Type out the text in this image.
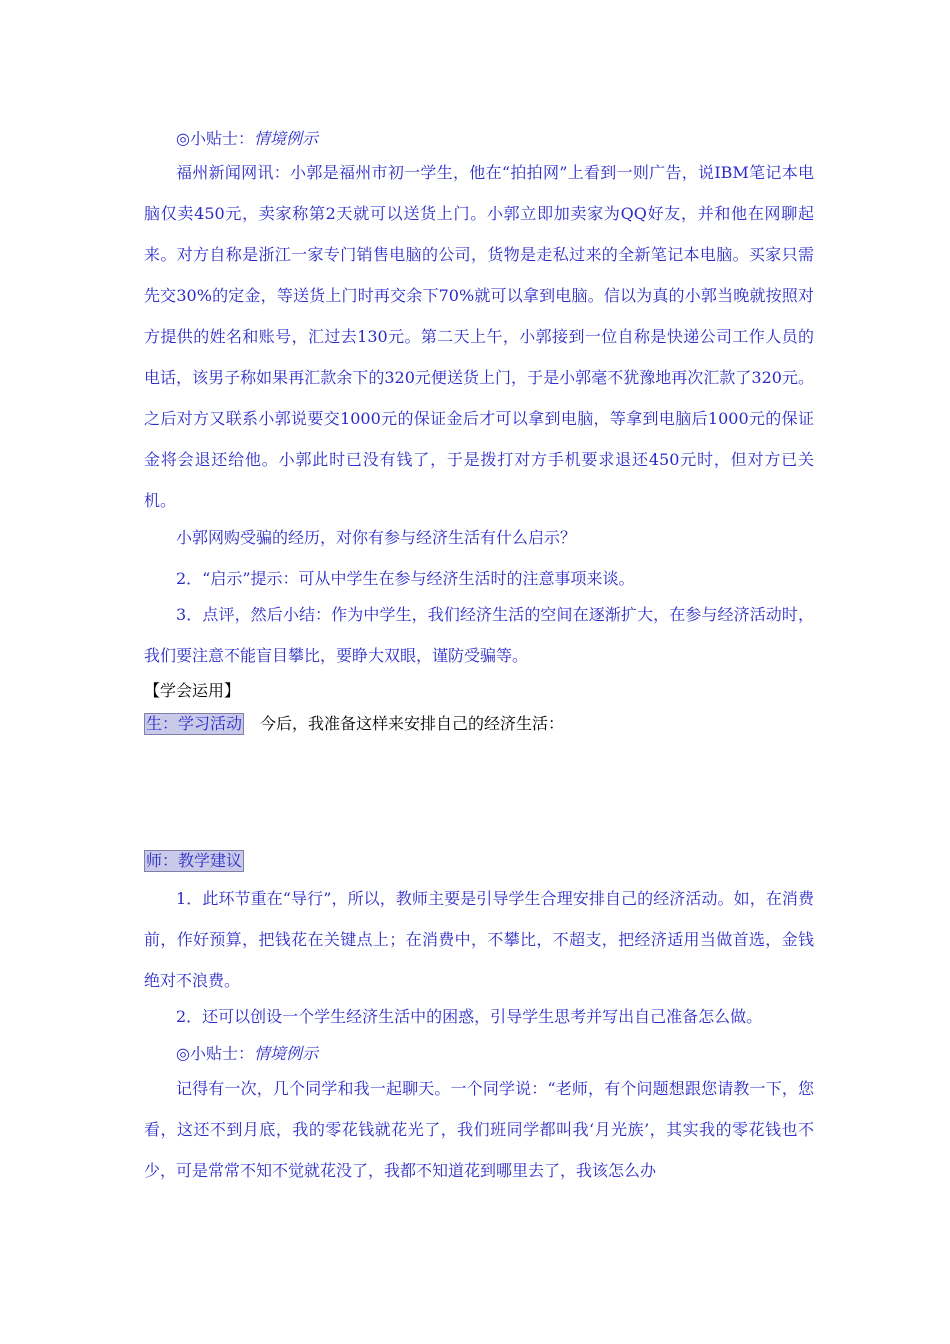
◎小贴士：情境例示
福州新闻网讯：小郭是福州市初一学生，他在“拍拍网”上看到一则广告，说IBM笔记本电脑仅卖450元，卖家称第2天就可以送货上门。小郭立即加卖家为QQ好友，并和他在网聊起来。对方自称是浙江一家专门销售电脑的公司，货物是走私过来的全新笔记本电脑。买家只需先交30%的定金，等送货上门时再交余下70%就可以拿到电脑。信以为真的小郭当晚就按照对方提供的姓名和账号，汇过去130元。第二天上午，小郭接到一位自称是快递公司工作人员的电话，该男子称如果再汇款余下的320元便送货上门，于是小郭毫不犹豫地再次汇款了320元。之后对方又联系小郭说要交1000元的保证金后才可以拿到电脑，等拿到电脑后1000元的保证金将会退还给他。小郭此时已没有钱了，于是拨打对方手机要求退还450元时，但对方已关机。
小郭网购受骗的经历，对你有参与经济生活有什么启示？
2．“启示”提示：可从中学生在参与经济生活时的注意事项来谈。
3．点评，然后小结：作为中学生，我们经济生活的空间在逐渐扩大，在参与经济活动时，我们要注意不能盲目攀比，要睁大双眼，谨防受骗等。
【学会运用】
生：学习活动 今后，我准备这样来安排自己的经济生活：
师：教学建议
1．此环节重在“导行”，所以，教师主要是引导学生合理安排自己的经济活动。如，在消费前，作好预算，把钱花在关键点上；在消费中，不攀比，不超支，把经济适用当做首选，金钱绝对不浪费。
2．还可以创设一个学生经济生活中的困惑，引导学生思考并写出自己准备怎么做。
◎小贴士：情境例示
记得有一次，几个同学和我一起聊天。一个同学说：“老师，有个问题想跟您请教一下，您看，这还不到月底，我的零花钱就花光了，我们班同学都叫我‘月光族’，其实我的零花钱也不少，可是常常不知不觉就花没了，我都不知道花到哪里去了，我该怎么办
